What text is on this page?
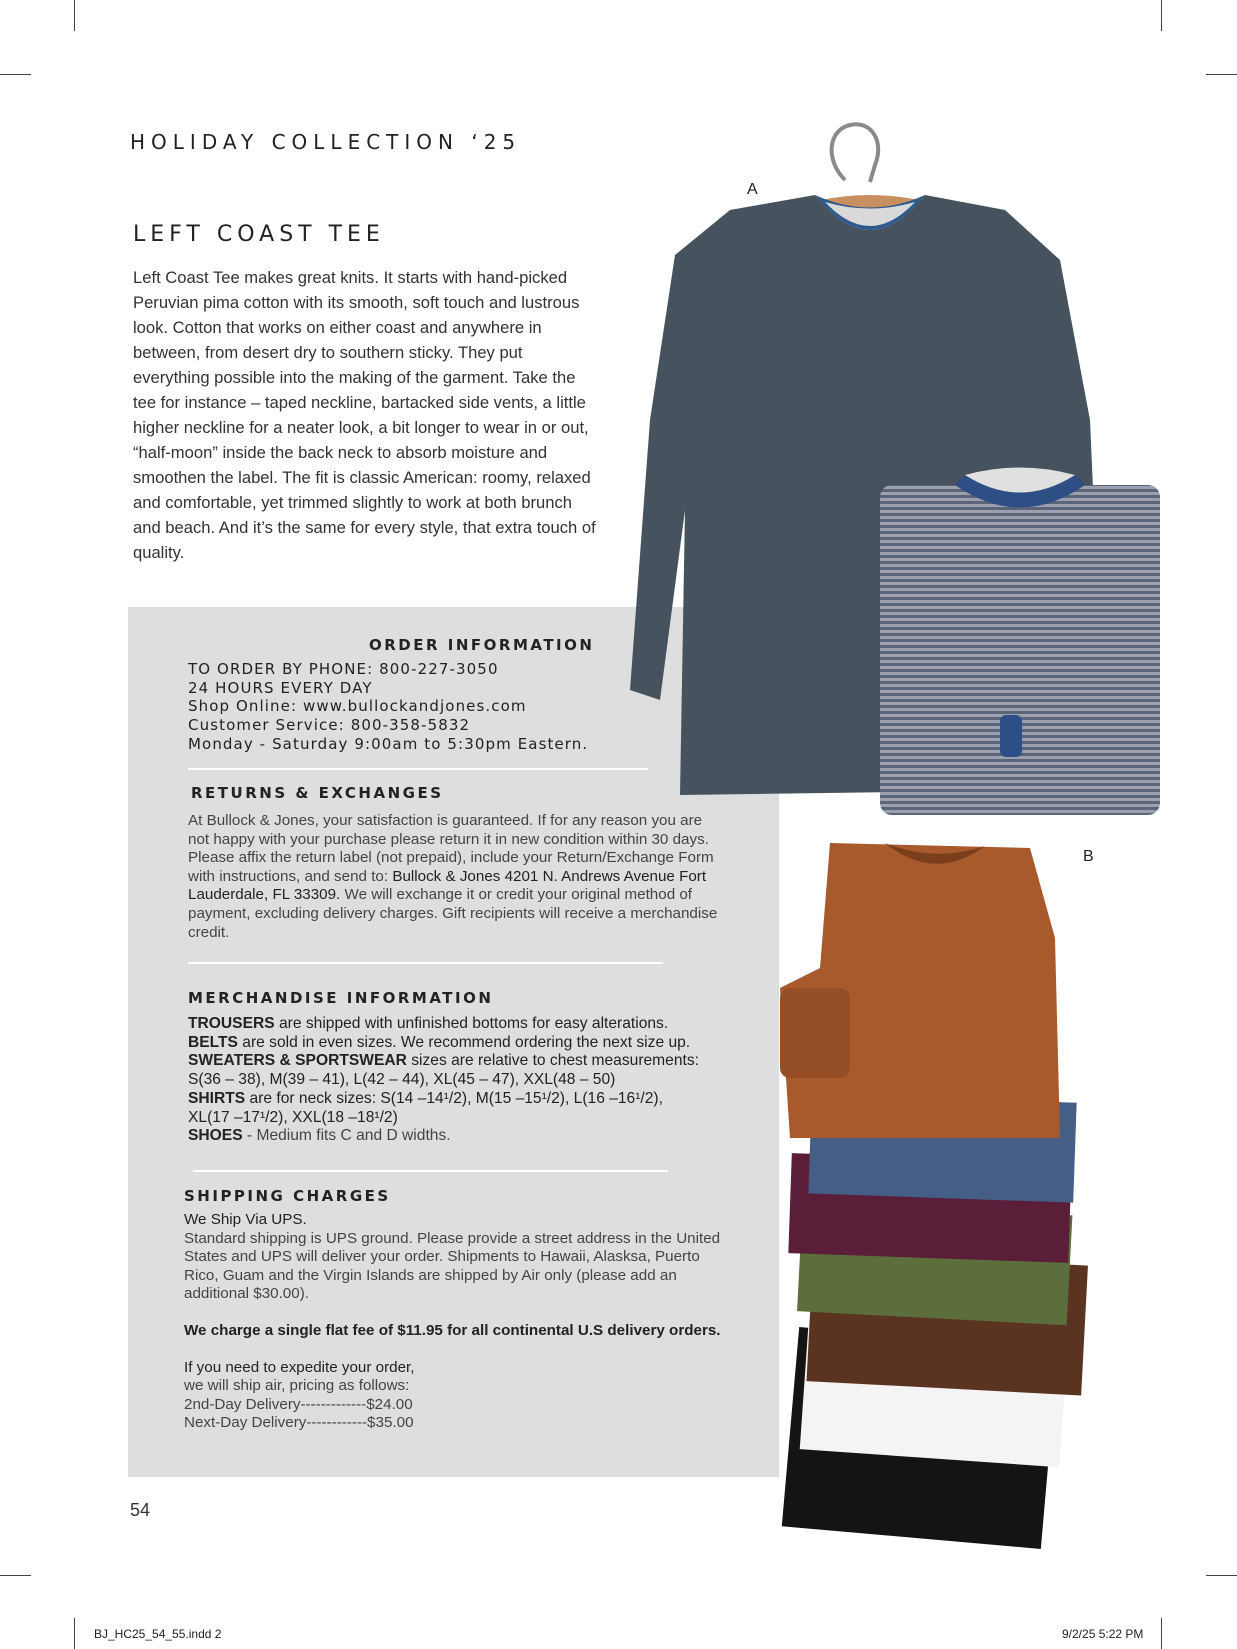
HOLIDAY COLLECTION ‘25
LEFT COAST TEE
Left Coast Tee makes great knits. It starts with hand-picked Peruvian pima cotton with its smooth, soft touch and lustrous look. Cotton that works on either coast and anywhere in between, from desert dry to southern sticky. They put everything possible into the making of the garment. Take the tee for instance – taped neckline, bartacked side vents, a little higher neckline for a neater look, a bit longer to wear in or out, “half-moon” inside the back neck to absorb moisture and smoothen the label. The fit is classic American: roomy, relaxed and comfortable, yet trimmed slightly to work at both brunch and beach. And it’s the same for every style, that extra touch of quality.
A
B
ORDER INFORMATION
TO ORDER BY PHONE: 800-227-3050
24 HOURS EVERY DAY
Shop Online: www.bullockandjones.com
Customer Service: 800-358-5832
Monday - Saturday 9:00am to 5:30pm Eastern.
RETURNS & EXCHANGES
At Bullock & Jones, your satisfaction is guaranteed. If for any reason you are not happy with your purchase please return it in new condition within 30 days. Please affix the return label (not prepaid), include your Return/Exchange Form with instructions, and send to: Bullock & Jones 4201 N. Andrews Avenue Fort Lauderdale, FL 33309. We will exchange it or credit your original method of payment, excluding delivery charges. Gift recipients will receive a merchandise credit.
MERCHANDISE INFORMATION
TROUSERS are shipped with unfinished bottoms for easy alterations.
BELTS are sold in even sizes. We recommend ordering the next size up.
SWEATERS & SPORTSWEAR sizes are relative to chest measurements:
S(36 – 38), M(39 – 41), L(42 – 44), XL(45 – 47), XXL(48 – 50)
SHIRTS are for neck sizes: S(14 –14¹/2), M(15 –15¹/2), L(16 –16¹/2),
XL(17 –17¹/2), XXL(18 –18¹/2)
SHOES - Medium fits C and D widths.
SHIPPING CHARGES
We Ship Via UPS.
Standard shipping is UPS ground. Please provide a street address in the United States and UPS will deliver your order. Shipments to Hawaii, Alasksa, Puerto Rico, Guam and the Virgin Islands are shipped by Air only (please add an additional $30.00).
We charge a single flat fee of $11.95 for all continental U.S delivery orders.
If you need to expedite your order,
we will ship air, pricing as follows:
2nd-Day Delivery-------------$24.00
Next-Day Delivery------------$35.00
54
BJ_HC25_54_55.indd 2	9/2/25 5:22 PM
